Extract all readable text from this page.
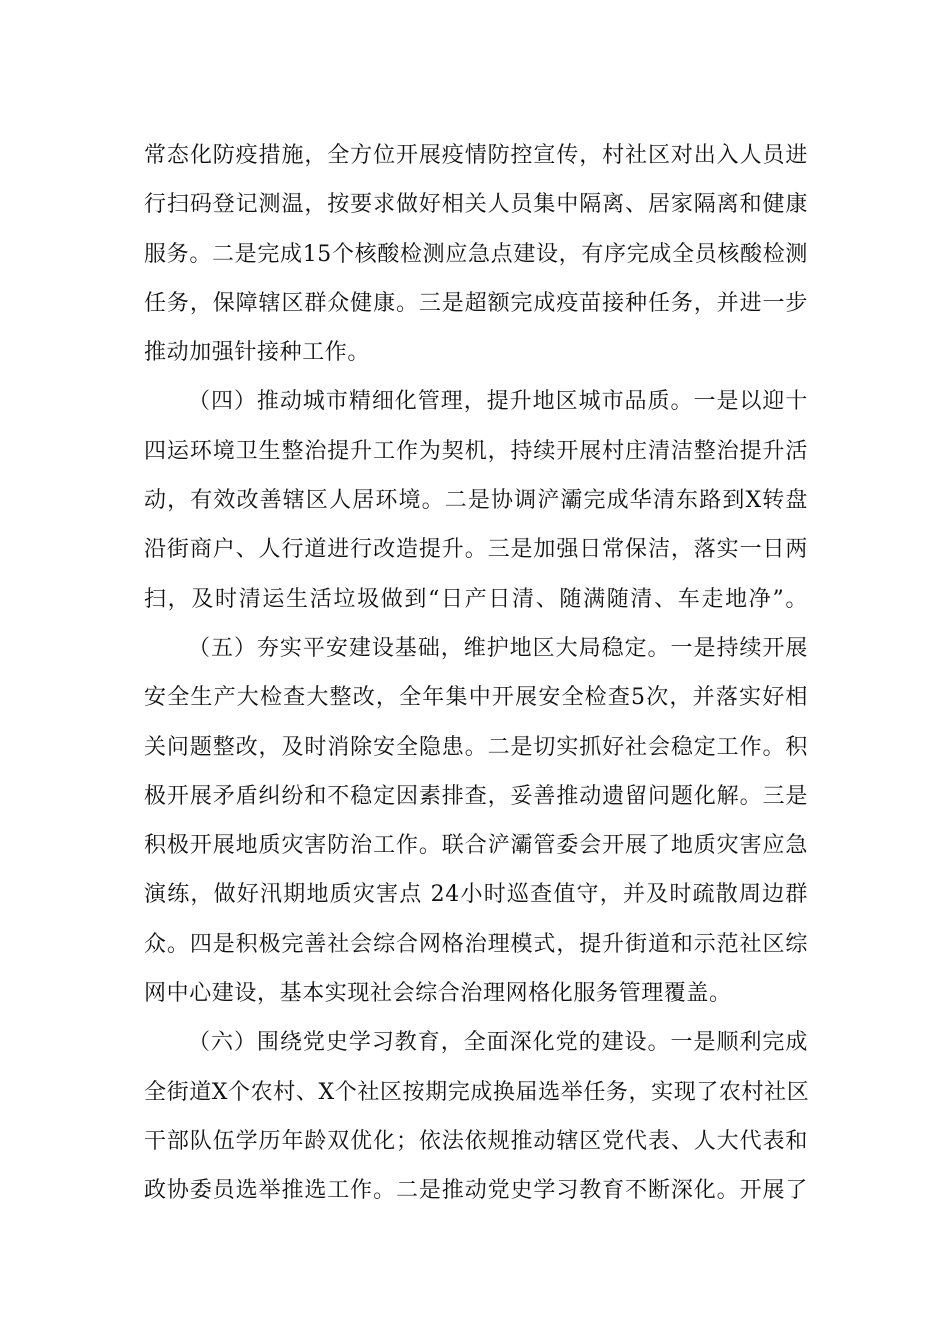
常态化防疫措施，全方位开展疫情防控宣传，村社区对出入人员进
行扫码登记测温，按要求做好相关人员集中隔离、居家隔离和健康
服务。二是完成15个核酸检测应急点建设，有序完成全员核酸检测
任务，保障辖区群众健康。三是超额完成疫苗接种任务，并进一步
推动加强针接种工作。
（四）推动城市精细化管理，提升地区城市品质。一是以迎十
四运环境卫生整治提升工作为契机，持续开展村庄清洁整治提升活
动，有效改善辖区人居环境。二是协调浐灞完成华清东路到X转盘
沿街商户、人行道进行改造提升。三是加强日常保洁，落实一日两
扫，及时清运生活垃圾做到“日产日清、随满随清、车走地净”。
（五）夯实平安建设基础，维护地区大局稳定。一是持续开展
安全生产大检查大整改，全年集中开展安全检查5次，并落实好相
关问题整改，及时消除安全隐患。二是切实抓好社会稳定工作。积
极开展矛盾纠纷和不稳定因素排查，妥善推动遗留问题化解。三是
积极开展地质灾害防治工作。联合浐灞管委会开展了地质灾害应急
演练，做好汛期地质灾害点 24小时巡查值守，并及时疏散周边群
众。四是积极完善社会综合网格治理模式，提升街道和示范社区综
网中心建设，基本实现社会综合治理网格化服务管理覆盖。
（六）围绕党史学习教育，全面深化党的建设。一是顺利完成
全街道X个农村、X个社区按期完成换届选举任务，实现了农村社区
干部队伍学历年龄双优化；依法依规推动辖区党代表、人大代表和
政协委员选举推选工作。二是推动党史学习教育不断深化。开展了
